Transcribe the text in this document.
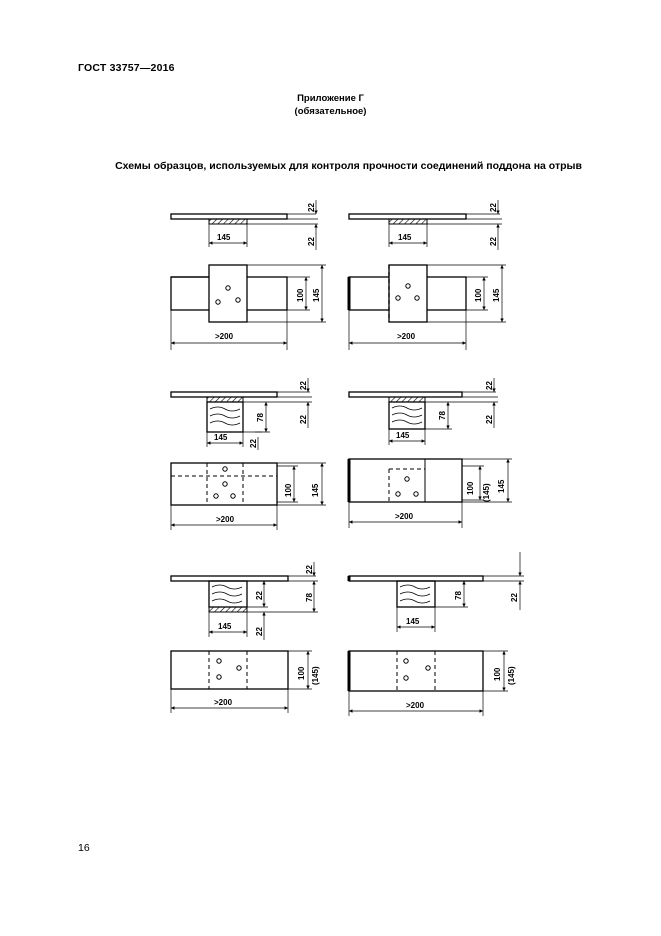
ГОСТ 33757—2016
Приложение Г
(обязательное)
Схемы образцов, используемых для контроля прочности соединений поддона на отрыв
145
22
22
>200
100 145
145
22
22
>200
100 145
145
78
22
22
22
>200
100 145
145
78
22
22
>200
100 (145) 145
145
22
22
78
22
>200
100 (145)
145
78	22
>200
100 (145)
16
